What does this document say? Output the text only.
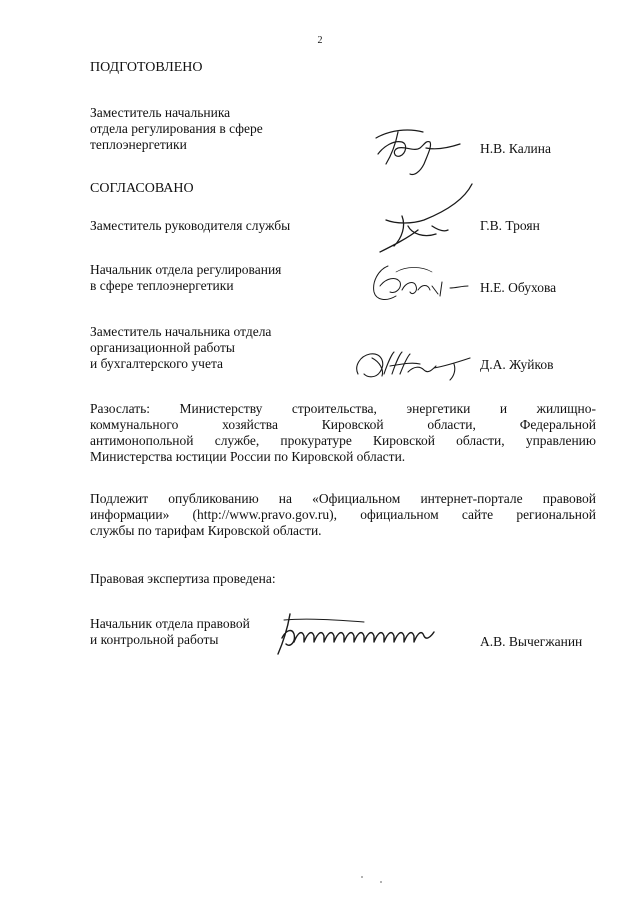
2
ПОДГОТОВЛЕНО
Заместитель начальника
отдела регулирования в сфере
теплоэнергетики	Н.В. Калина
СОГЛАСОВАНО
Заместитель руководителя службы	Г.В. Троян
Начальник отдела регулирования
в сфере теплоэнергетики	Н.Е. Обухова
Заместитель начальника отдела
организационной работы
и бухгалтерского учета	Д.А. Жуйков
Разослать: Министерству строительства, энергетики и жилищно-
коммунального хозяйства Кировской области, Федеральной
антимонопольной службе, прокуратуре Кировской области, управлению
Министерства юстиции России по Кировской области.
Подлежит опубликованию на «Официальном интернет-портале правовой
информации» (http://www.pravo.gov.ru), официальном сайте региональной
службы по тарифам Кировской области.
Правовая экспертиза проведена:
Начальник отдела правовой
и контрольной работы	А.В. Вычегжанин
